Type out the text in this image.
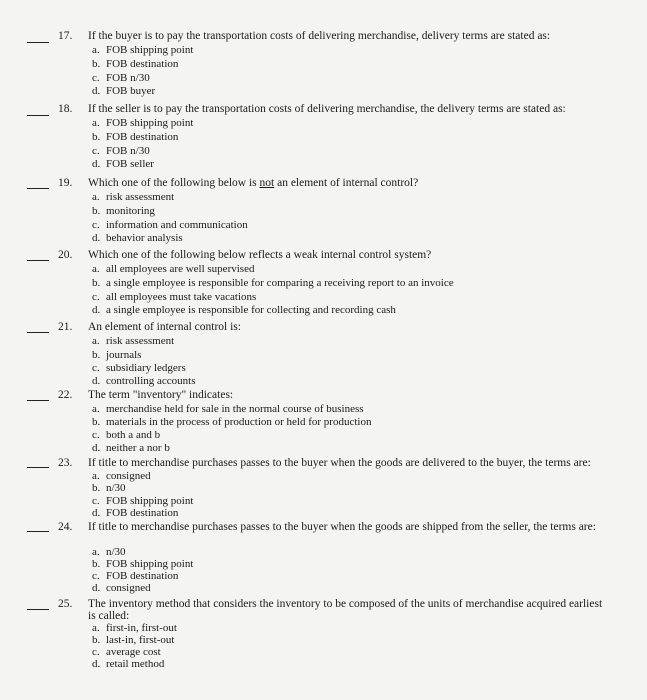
17. If the buyer is to pay the transportation costs of delivering merchandise, delivery terms are stated as:
a. FOB shipping point
b. FOB destination
c. FOB n/30
d. FOB buyer
18. If the seller is to pay the transportation costs of delivering merchandise, the delivery terms are stated as:
a. FOB shipping point
b. FOB destination
c. FOB n/30
d. FOB seller
19. Which one of the following below is not an element of internal control?
a. risk assessment
b. monitoring
c. information and communication
d. behavior analysis
20. Which one of the following below reflects a weak internal control system?
a. all employees are well supervised
b. a single employee is responsible for comparing a receiving report to an invoice
c. all employees must take vacations
d. a single employee is responsible for collecting and recording cash
21. An element of internal control is:
a. risk assessment
b. journals
c. subsidiary ledgers
d. controlling accounts
22. The term "inventory" indicates:
a. merchandise held for sale in the normal course of business
b. materials in the process of production or held for production
c. both a and b
d. neither a nor b
23. If title to merchandise purchases passes to the buyer when the goods are delivered to the buyer, the terms are:
a. consigned
b. n/30
c. FOB shipping point
d. FOB destination
24. If title to merchandise purchases passes to the buyer when the goods are shipped from the seller, the terms are:
a. n/30
b. FOB shipping point
c. FOB destination
d. consigned
25. The inventory method that considers the inventory to be composed of the units of merchandise acquired earliest is called:
a. first-in, first-out
b. last-in, first-out
c. average cost
d. retail method
